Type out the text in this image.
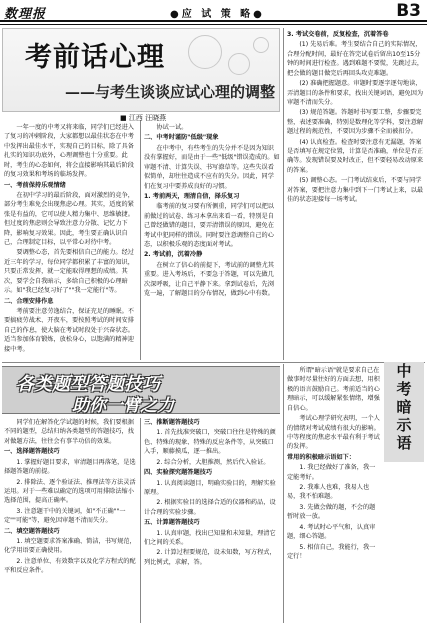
数理报	●应 试 策 略●	B3
考前话心理
——与考生谈谈应试心理的调整
■ 江西 汪晓燕

一年一度的中考又将来临，同学们已经进入了复习的冲刺阶段，大家都想以最佳状态在中考中发挥出最佳水平，实现自己的目标，除了具备扎实的知识功底外，心理调整也十分重要。此时，考生的心态如何，将会直接影响其最后阶段的复习效果和考场的临场发挥。

一、考前保持乐观情绪

在初中学习的最后阶段，面对激烈的竞争，部分考生难免会出现焦虑心理。其实，适度的紧张是有益的，它可以使人精力集中、思维敏捷。但过度的焦虑则会导致注意力分散、记忆力下降，影响复习效果。因此，考生要正确认识自己，合理制定目标，以平常心对待中考。

要调整心态，首先要相信自己的能力。经过近三年的学习，每位同学都积累了丰富的知识，只要正常发挥，就一定能取得理想的成绩。其次，要学会自我暗示，多给自己积极的心理暗示。如"我已经复习好了""我一定能行"等。

二、合理安排作息

考前要注意劳逸结合，保证充足的睡眠。不要搞疲劳战术、开夜车，要按照考试的时间安排自己的作息，使大脑在考试时段处于兴奋状态。适当参加体育锻炼，放松身心，以饱满的精神迎接中考。

协试一试。

二、中考时谨防"低级"现象

在中考中，有些考生的失分并不是因为知识没有掌握好，而是由于一些"低级"错误造成的。如审题不清、计算失误、书写潦草等。这些失误看似简单，却往往造成不应有的失分。因此，同学们在复习中要养成良好的习惯。

1. 考前两天，理清自信，择乐复习

临考前的复习要有所侧重，同学们可以把以前做过的试卷、练习本拿出来看一看，特别是自己曾经做错的题目，要弄清错误的原因，避免在考试中犯同样的错误。同时要注意调整自己的心态，以积极乐观的态度面对考试。

2. 考试前，沉着冷静

在树立了信心的前提下，考试前的调整尤其重要。进入考场后，不要急于答题，可以先做几次深呼吸，让自己平静下来。拿到试卷后，先浏览一遍，了解题目的分布情况，做到心中有数。

3. 考试交卷前，反复检查，沉着答卷

(1) 先易后难。考生要结合自己的实际情况，合理分配时间，最好在答完试卷后留出10至15分钟的时间进行检查。遇到难题不要慌，先跳过去，把会做的题目做完后再回头攻克难题。

(2) 准确把握题意。审题时要逐字逐句地读，弄清题目的条件和要求，找出关键词语，避免因为审题不清而失分。

(3) 规范答题。答题时书写要工整，步骤要完整，表述要准确，特别是数理化等学科，要注意解题过程的规范性，不要因为步骤不全而被扣分。

(4) 认真检查。检查时要注意有无漏题，答案是否填写在规定位置，计算是否准确，单位是否正确等。发现错误要及时改正，但不要轻易改动原来的答案。

(5) 调整心态。一门考试结束后，不要与同学对答案，要把注意力集中到下一门考试上来，以最佳的状态迎接每一场考试。

各类题型答题技巧
助你一臂之力

同学们在解答化学试题的时候，我们要根据不同的题型，总结归纳各类题型的答题技巧，找对做题方法，往往会有事半功倍的效果。

一、选择题答题技巧

1. 掌握好题目要求，审清题目再落笔，是选择题答题的前提。

2. 排除法、逐个验证法、推理法等方法灵活运用。对于一些难以确定的选项可用排除法缩小选择范围，提高正确率。

3. 注意题干中的关键词，如"不正确""一定""可能"等，避免因审题不清而失分。

二、填空题答题技巧

1. 填空题要求答案准确、简洁，书写规范，化学用语要正确使用。

2. 注意单位、有效数字以及化学方程式的配平和反应条件。

三、推断题答题技巧

1. 首先找准突破口，突破口往往是特殊的颜色、特殊的现象、特殊的反应条件等，从突破口入手，顺藤摸瓜，逐一推出。

2. 综合分析，大胆推测，然后代入验证。

四、实验探究题答题技巧

1. 认真阅读题目，明确实验目的，理解实验原理。

2. 根据实验目的选择合适的仪器和药品，设计合理的实验步骤。

五、计算题答题技巧

1. 认真审题，找出已知量和未知量，理清它们之间的关系。

2. 计算过程要规范，设未知数，写方程式，列比例式，求解，答。

中
考
暗
示
语

所谓"暗示语"就是要求自己在做事时尽量往好的方面去想，用积极的语言鼓励自己。考前适当的心理暗示，可以缓解紧张情绪，增强自信心。

考试心理学研究表明，一个人的情绪对考试成绩有很大的影响。中等程度的焦虑水平最有利于考试的发挥。

常用的积极暗示语如下：

1. 我已经做好了准备，我一定能考好。

2. 我难人也难，我易人也易，我不怕难题。

3. 先做会做的题，不会的题暂时放一放。

4. 考试时心平气和，认真审题，细心答题。

5. 相信自己，我能行，我一定行！
